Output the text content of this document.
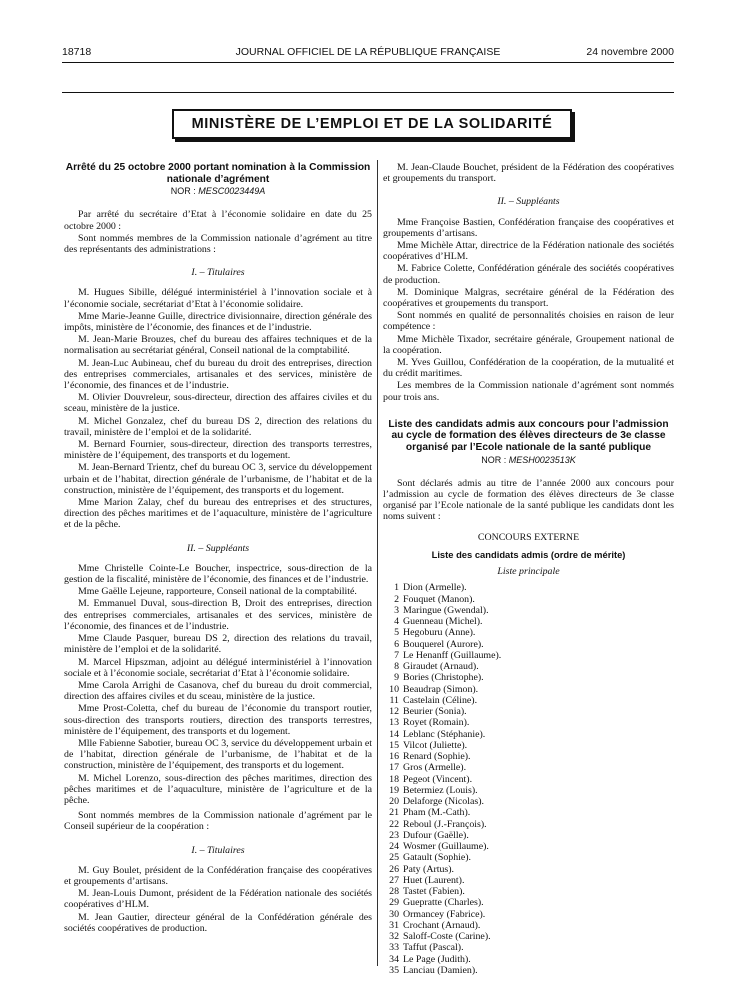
18718	JOURNAL OFFICIEL DE LA RÉPUBLIQUE FRANÇAISE	24 novembre 2000
MINISTÈRE DE L’EMPLOI ET DE LA SOLIDARITÉ
Arrêté du 25 octobre 2000 portant nomination à la Commission nationale d’agrément
NOR : MESC0023449A

Par arrêté du secrétaire d’Etat à l’économie solidaire en date du 25 octobre 2000 :

Sont nommés membres de la Commission nationale d’agrément au titre des représentants des administrations :

I. – Titulaires

M. Hugues Sibille, délégué interministériel à l’innovation sociale et à l’économie sociale, secrétariat d’Etat à l’économie solidaire.

Mme Marie-Jeanne Guille, directrice divisionnaire, direction générale des impôts, ministère de l’économie, des finances et de l’industrie.

M. Jean-Marie Brouzes, chef du bureau des affaires techniques et de la normalisation au secrétariat général, Conseil national de la comptabilité.

M. Jean-Luc Aubineau, chef du bureau du droit des entreprises, direction des entreprises commerciales, artisanales et des services, ministère de l’économie, des finances et de l’industrie.

M. Olivier Douvreleur, sous-directeur, direction des affaires civiles et du sceau, ministère de la justice.

M. Michel Gonzalez, chef du bureau DS 2, direction des relations du travail, ministère de l’emploi et de la solidarité.

M. Bernard Fournier, sous-directeur, direction des transports terrestres, ministère de l’équipement, des transports et du logement.

M. Jean-Bernard Trientz, chef du bureau OC 3, service du développement urbain et de l’habitat, direction générale de l’urbanisme, de l’habitat et de la construction, ministère de l’équipement, des transports et du logement.

Mme Marion Zalay, chef du bureau des entreprises et des structures, direction des pêches maritimes et de l’aquaculture, ministère de l’agriculture et de la pêche.

II. – Suppléants

Mme Christelle Cointe-Le Boucher, inspectrice, sous-direction de la gestion de la fiscalité, ministère de l’économie, des finances et de l’industrie.

Mme Gaëlle Lejeune, rapporteure, Conseil national de la comptabilité.

M. Emmanuel Duval, sous-direction B, Droit des entreprises, direction des entreprises commerciales, artisanales et des services, ministère de l’économie, des finances et de l’industrie.

Mme Claude Pasquer, bureau DS 2, direction des relations du travail, ministère de l’emploi et de la solidarité.

M. Marcel Hipszman, adjoint au délégué interministériel à l’innovation sociale et à l’économie sociale, secrétariat d’Etat à l’économie solidaire.

Mme Carola Arrighi de Casanova, chef du bureau du droit commercial, direction des affaires civiles et du sceau, ministère de la justice.

Mme Prost-Coletta, chef du bureau de l’économie du transport routier, sous-direction des transports routiers, direction des transports terrestres, ministère de l’équipement, des transports et du logement.

Mlle Fabienne Sabotier, bureau OC 3, service du développement urbain et de l’habitat, direction générale de l’urbanisme, de l’habitat et de la construction, ministère de l’équipement, des transports et du logement.

M. Michel Lorenzo, sous-direction des pêches maritimes, direction des pêches maritimes et de l’aquaculture, ministère de l’agriculture et de la pêche.

Sont nommés membres de la Commission nationale d’agrément par le Conseil supérieur de la coopération :

I. – Titulaires

M. Guy Boulet, président de la Confédération française des coopératives et groupements d’artisans.

M. Jean-Louis Dumont, président de la Fédération nationale des sociétés coopératives d’HLM.

M. Jean Gautier, directeur général de la Confédération générale des sociétés coopératives de production.

M. Jean-Claude Bouchet, président de la Fédération des coopératives et groupements du transport.

II. – Suppléants

Mme Françoise Bastien, Confédération française des coopératives et groupements d’artisans.

Mme Michèle Attar, directrice de la Fédération nationale des sociétés coopératives d’HLM.

M. Fabrice Colette, Confédération générale des sociétés coopératives de production.

M. Dominique Malgras, secrétaire général de la Fédération des coopératives et groupements du transport.

Sont nommés en qualité de personnalités choisies en raison de leur compétence :

Mme Michèle Tixador, secrétaire générale, Groupement national de la coopération.

M. Yves Guillou, Confédération de la coopération, de la mutualité et du crédit maritimes.

Les membres de la Commission nationale d’agrément sont nommés pour trois ans.

Liste des candidats admis aux concours pour l’admission au cycle de formation des élèves directeurs de 3e classe organisé par l’Ecole nationale de la santé publique
NOR : MESH0023513K

Sont déclarés admis au titre de l’année 2000 aux concours pour l’admission au cycle de formation des élèves directeurs de 3e classe organisé par l’Ecole nationale de la santé publique les candidats dont les noms suivent :

CONCOURS EXTERNE
Liste des candidats admis (ordre de mérite)
Liste principale
1 Dion (Armelle).
2 Fouquet (Manon).
3 Maringue (Gwendal).
4 Guenneau (Michel).
5 Hegoburu (Anne).
6 Bouquerel (Aurore).
7 Le Henanff (Guillaume).
8 Giraudet (Arnaud).
9 Bories (Christophe).
10 Beaudrap (Simon).
11 Castelain (Céline).
12 Beurier (Sonia).
13 Royet (Romain).
14 Leblanc (Stéphanie).
15 Vilcot (Juliette).
16 Renard (Sophie).
17 Gros (Armelle).
18 Pegeot (Vincent).
19 Betermiez (Louis).
20 Delaforge (Nicolas).
21 Pham (M.-Cath).
22 Reboul (J.-François).
23 Dufour (Gaëlle).
24 Wosmer (Guillaume).
25 Gatault (Sophie).
26 Paty (Artus).
27 Huet (Laurent).
28 Tastet (Fabien).
29 Guepratte (Charles).
30 Ormancey (Fabrice).
31 Crochant (Arnaud).
32 Saloff-Coste (Carine).
33 Taffut (Pascal).
34 Le Page (Judith).
35 Lanciau (Damien).
